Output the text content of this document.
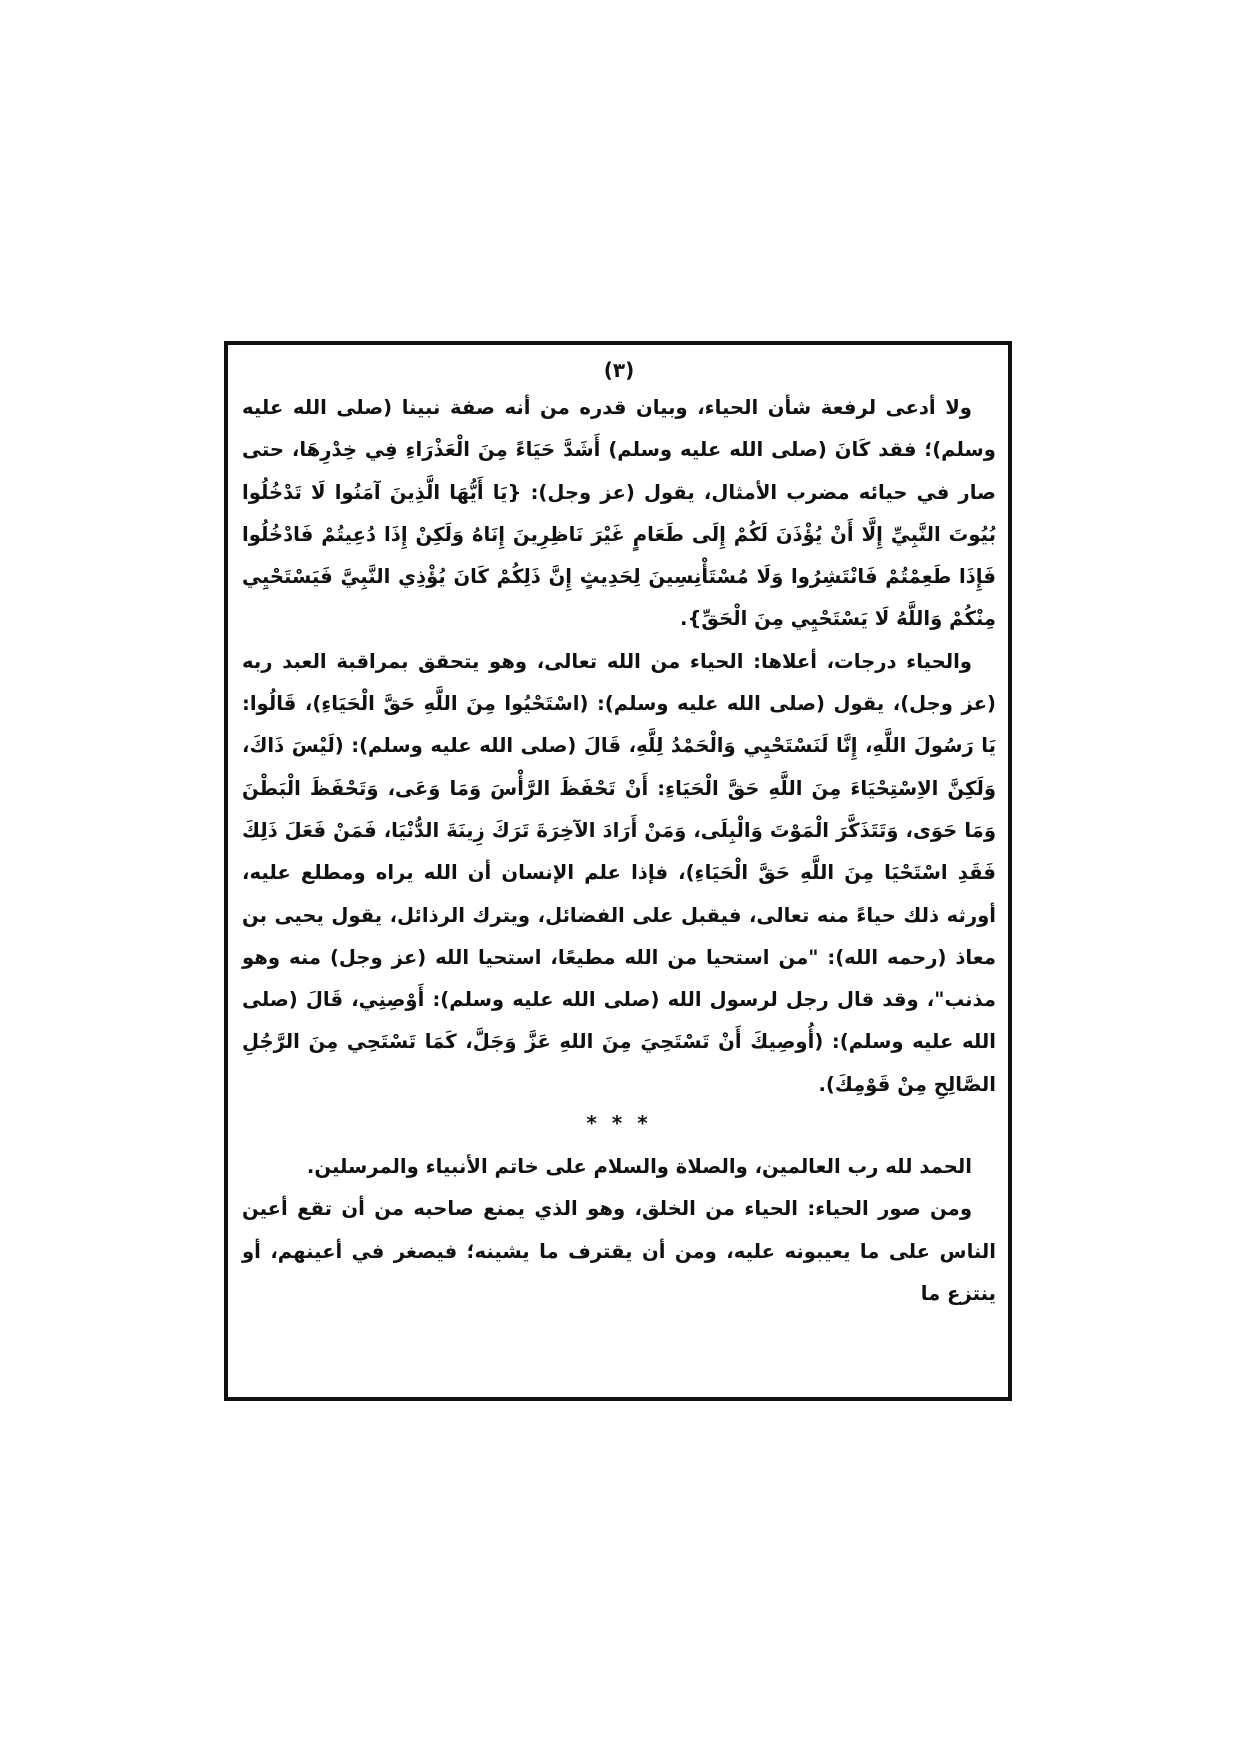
(٣)

ولا أدعى لرفعة شأن الحياء، وبيان قدره من أنه صفة نبينا (صلى الله عليه وسلم)؛ فقد كَانَ (صلى الله عليه وسلم) أَشَدَّ حَيَاءً مِنَ الْعَذْرَاءِ فِي خِدْرِهَا، حتى صار في حيائه مضرب الأمثال، يقول (عز وجل): {يَا أَيُّهَا الَّذِينَ آمَنُوا لَا تَدْخُلُوا بُيُوتَ النَّبِيِّ إِلَّا أَنْ يُؤْذَنَ لَكُمْ إِلَى طَعَامٍ غَيْرَ نَاظِرِينَ إِنَاهُ وَلَكِنْ إِذَا دُعِيتُمْ فَادْخُلُوا فَإِذَا طَعِمْتُمْ فَانْتَشِرُوا وَلَا مُسْتَأْنِسِينَ لِحَدِيثٍ إِنَّ ذَلِكُمْ كَانَ يُؤْذِي النَّبِيَّ فَيَسْتَحْيِي مِنْكُمْ وَاللَّهُ لَا يَسْتَحْيِي مِنَ الْحَقِّ}.

والحياء درجات، أعلاها: الحياء من الله تعالى، وهو يتحقق بمراقبة العبد ربه (عز وجل)، يقول (صلى الله عليه وسلم): (اسْتَحْيُوا مِنَ اللَّهِ حَقَّ الْحَيَاءِ)، قَالُوا: يَا رَسُولَ اللَّهِ، إِنَّا لَنَسْتَحْيِي وَالْحَمْدُ لِلَّهِ، قَالَ (صلى الله عليه وسلم): (لَيْسَ ذَاكَ، وَلَكِنَّ الاِسْتِحْيَاءَ مِنَ اللَّهِ حَقَّ الْحَيَاءِ: أَنْ تَحْفَظَ الرَّأْسَ وَمَا وَعَى، وَتَحْفَظَ الْبَطْنَ وَمَا حَوَى، وَتَتَذَكَّرَ الْمَوْتَ وَالْبِلَى، وَمَنْ أَرَادَ الآخِرَةَ تَرَكَ زِينَةَ الدُّنْيَا، فَمَنْ فَعَلَ ذَلِكَ فَقَدِ اسْتَحْيَا مِنَ اللَّهِ حَقَّ الْحَيَاءِ)، فإذا علم الإنسان أن الله يراه ومطلع عليه، أورثه ذلك حياءً منه تعالى، فيقبل على الفضائل، ويترك الرذائل، يقول يحيى بن معاذ (رحمه الله): "من استحيا من الله مطيعًا، استحيا الله (عز وجل) منه وهو مذنب"، وقد قال رجل لرسول الله (صلى الله عليه وسلم): أَوْصِنِي، قَالَ (صلى الله عليه وسلم): (أُوصِيكَ أَنْ تَسْتَحِيَ مِنَ اللهِ عَزَّ وَجَلَّ، كَمَا تَسْتَحِي مِنَ الرَّجُلِ الصَّالِحِ مِنْ قَوْمِكَ).

* * *

الحمد لله رب العالمين، والصلاة والسلام على خاتم الأنبياء والمرسلين.

ومن صور الحياء: الحياء من الخلق، وهو الذي يمنع صاحبه من أن تقع أعين الناس على ما يعيبونه عليه، ومن أن يقترف ما يشينه؛ فيصغر في أعينهم، أو ينتزع ما
